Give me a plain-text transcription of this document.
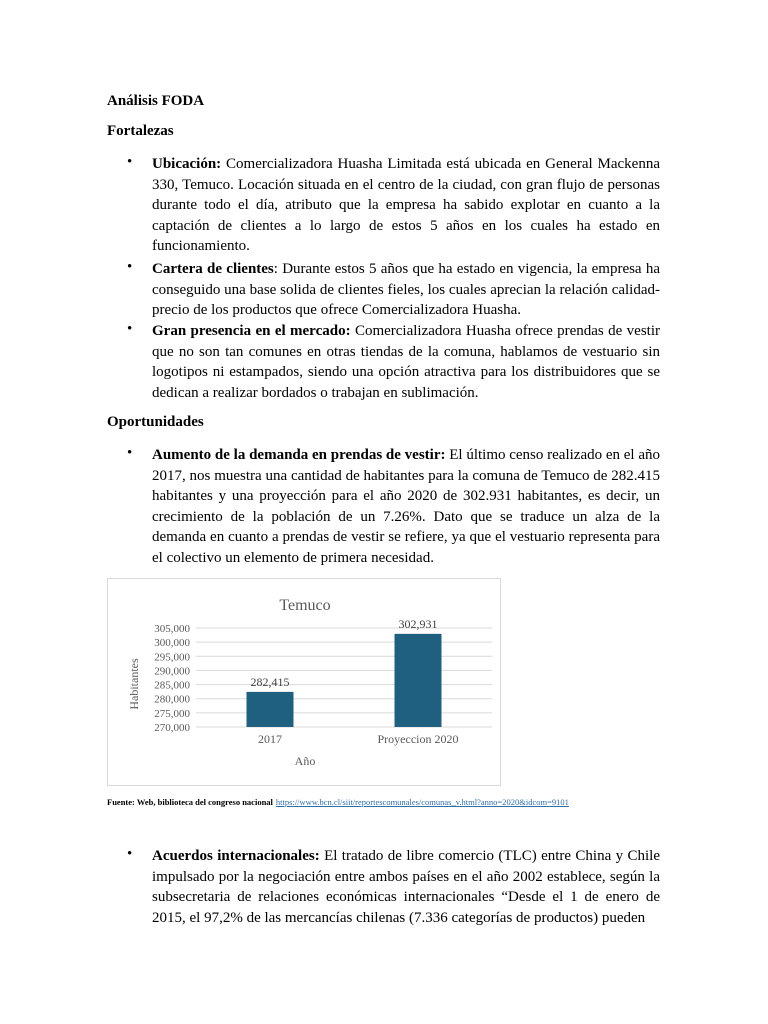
Análisis FODA
Fortalezas
• Ubicación: Comercializadora Huasha Limitada está ubicada en General Mackenna 330, Temuco. Locación situada en el centro de la ciudad, con gran flujo de personas durante todo el día, atributo que la empresa ha sabido explotar en cuanto a la captación de clientes a lo largo de estos 5 años en los cuales ha estado en funcionamiento.
• Cartera de clientes: Durante estos 5 años que ha estado en vigencia, la empresa ha conseguido una base solida de clientes fieles, los cuales aprecian la relación calidad-precio de los productos que ofrece Comercializadora Huasha.
• Gran presencia en el mercado: Comercializadora Huasha ofrece prendas de vestir que no son tan comunes en otras tiendas de la comuna, hablamos de vestuario sin logotipos ni estampados, siendo una opción atractiva para los distribuidores que se dedican a realizar bordados o trabajan en sublimación.
Oportunidades
• Aumento de la demanda en prendas de vestir: El último censo realizado en el año 2017, nos muestra una cantidad de habitantes para la comuna de Temuco de 282.415 habitantes y una proyección para el año 2020 de 302.931 habitantes, es decir, un crecimiento de la población de un 7.26%. Dato que se traduce un alza de la demanda en cuanto a prendas de vestir se refiere, ya que el vestuario representa para el colectivo un elemento de primera necesidad.
Temuco
Año
Habitantes
270,000
275,000
280,000
285,000
290,000
295,000
300,000
305,000
282,415
302,931
2017	Proyeccion 2020
Fuente: Web, biblioteca del congreso nacional https://www.bcn.cl/siit/reportescomunales/comunas_v.html?anno=2020&idcom=9101
• Acuerdos internacionales: El tratado de libre comercio (TLC) entre China y Chile impulsado por la negociación entre ambos países en el año 2002 establece, según la subsecretaria de relaciones económicas internacionales “Desde el 1 de enero de 2015, el 97,2% de las mercancías chilenas (7.336 categorías de productos) pueden
